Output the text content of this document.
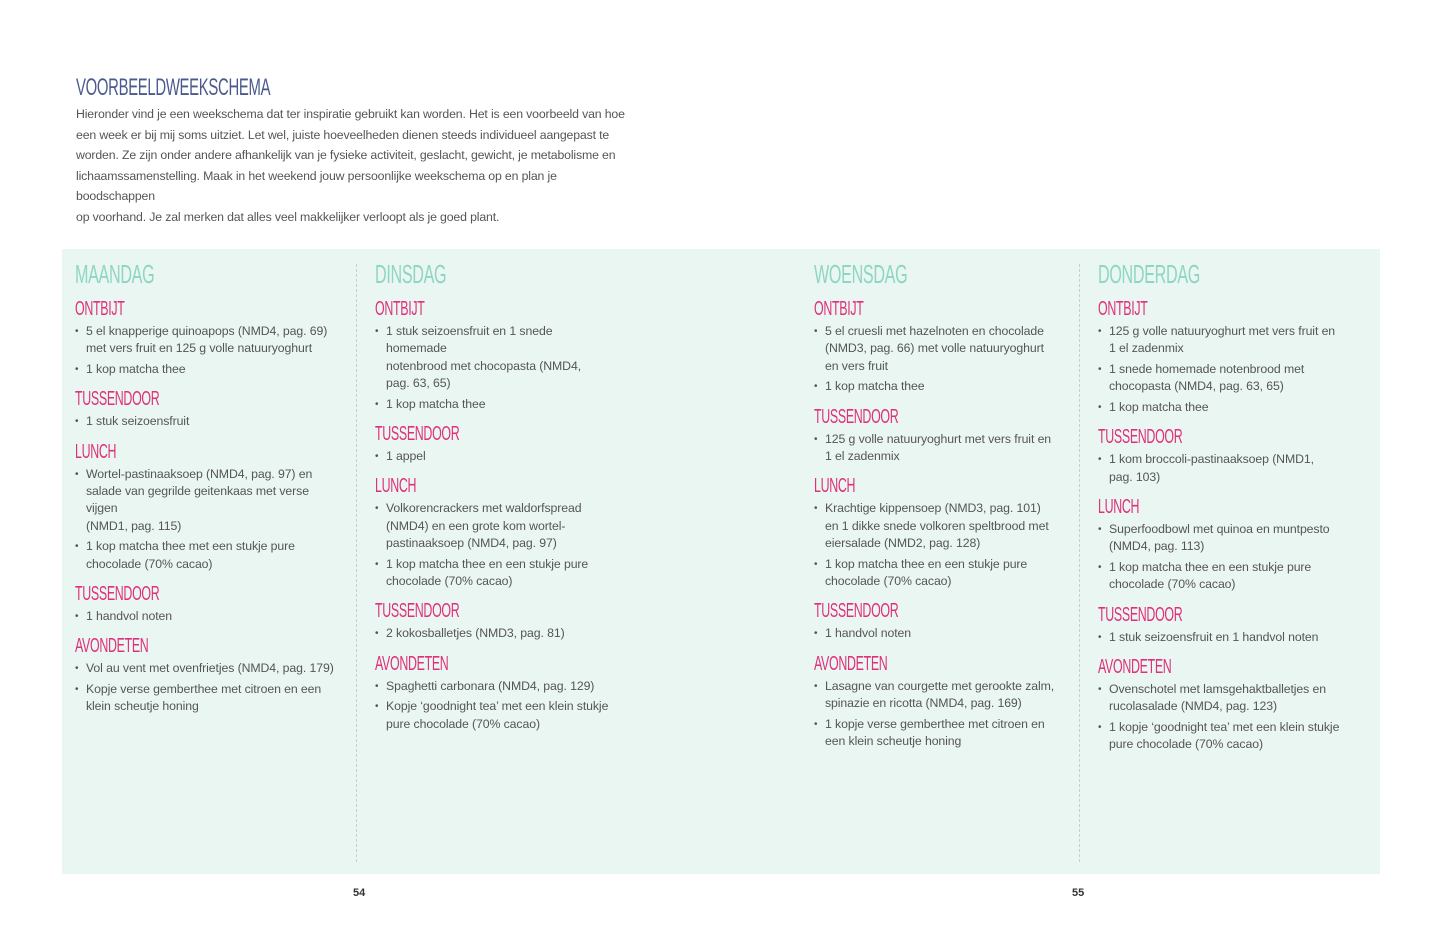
VOORBEELDWEEKSCHEMA
Hieronder vind je een weekschema dat ter inspiratie gebruikt kan worden. Het is een voorbeeld van hoe
een week er bij mij soms uitziet. Let wel, juiste hoeveelheden dienen steeds individueel aangepast te
worden. Ze zijn onder andere afhankelijk van je fysieke activiteit, geslacht, gewicht, je metabolisme en
lichaamssamenstelling. Maak in het weekend jouw persoonlijke weekschema op en plan je boodschappen
op voorhand. Je zal merken dat alles veel makkelijker verloopt als je goed plant.
MAANDAG
ONTBIJT
• 5 el knapperige quinoapops (NMD4, pag. 69)
met vers fruit en 125 g volle natuuryoghurt
• 1 kop matcha thee
TUSSENDOOR
• 1 stuk seizoensfruit
LUNCH
• Wortel-pastinaaksoep (NMD4, pag. 97) en
salade van gegrilde geitenkaas met verse vijgen
(NMD1, pag. 115)
• 1 kop matcha thee met een stukje pure
chocolade (70% cacao)
TUSSENDOOR
• 1 handvol noten
AVONDETEN
• Vol au vent met ovenfrietjes (NMD4, pag. 179)
• Kopje verse gemberthee met citroen en een
klein scheutje honing
DINSDAG
ONTBIJT
• 1 stuk seizoensfruit en 1 snede homemade
notenbrood met chocopasta (NMD4,
pag. 63, 65)
• 1 kop matcha thee
TUSSENDOOR
• 1 appel
LUNCH
• Volkorencrackers met waldorfspread
(NMD4) en een grote kom wortel-
pastinaaksoep (NMD4, pag. 97)
• 1 kop matcha thee en een stukje pure
chocolade (70% cacao)
TUSSENDOOR
• 2 kokosballetjes (NMD3, pag. 81)
AVONDETEN
• Spaghetti carbonara (NMD4, pag. 129)
• Kopje ‘goodnight tea’ met een klein stukje
pure chocolade (70% cacao)
WOENSDAG
ONTBIJT
• 5 el cruesli met hazelnoten en chocolade
(NMD3, pag. 66) met volle natuuryoghurt
en vers fruit
• 1 kop matcha thee
TUSSENDOOR
• 125 g volle natuuryoghurt met vers fruit en
1 el zadenmix
LUNCH
• Krachtige kippensoep (NMD3, pag. 101)
en 1 dikke snede volkoren speltbrood met
eiersalade (NMD2, pag. 128)
• 1 kop matcha thee en een stukje pure
chocolade (70% cacao)
TUSSENDOOR
• 1 handvol noten
AVONDETEN
• Lasagne van courgette met gerookte zalm,
spinazie en ricotta (NMD4, pag. 169)
• 1 kopje verse gemberthee met citroen en
een klein scheutje honing
DONDERDAG
ONTBIJT
• 125 g volle natuuryoghurt met vers fruit en
1 el zadenmix
• 1 snede homemade notenbrood met
chocopasta (NMD4, pag. 63, 65)
• 1 kop matcha thee
TUSSENDOOR
• 1 kom broccoli-pastinaaksoep (NMD1,
pag. 103)
LUNCH
• Superfoodbowl met quinoa en muntpesto
(NMD4, pag. 113)
• 1 kop matcha thee en een stukje pure
chocolade (70% cacao)
TUSSENDOOR
• 1 stuk seizoensfruit en 1 handvol noten
AVONDETEN
• Ovenschotel met lamsgehaktballetjes en
rucolasalade (NMD4, pag. 123)
• 1 kopje ‘goodnight tea’ met een klein stukje
pure chocolade (70% cacao)
54	55
